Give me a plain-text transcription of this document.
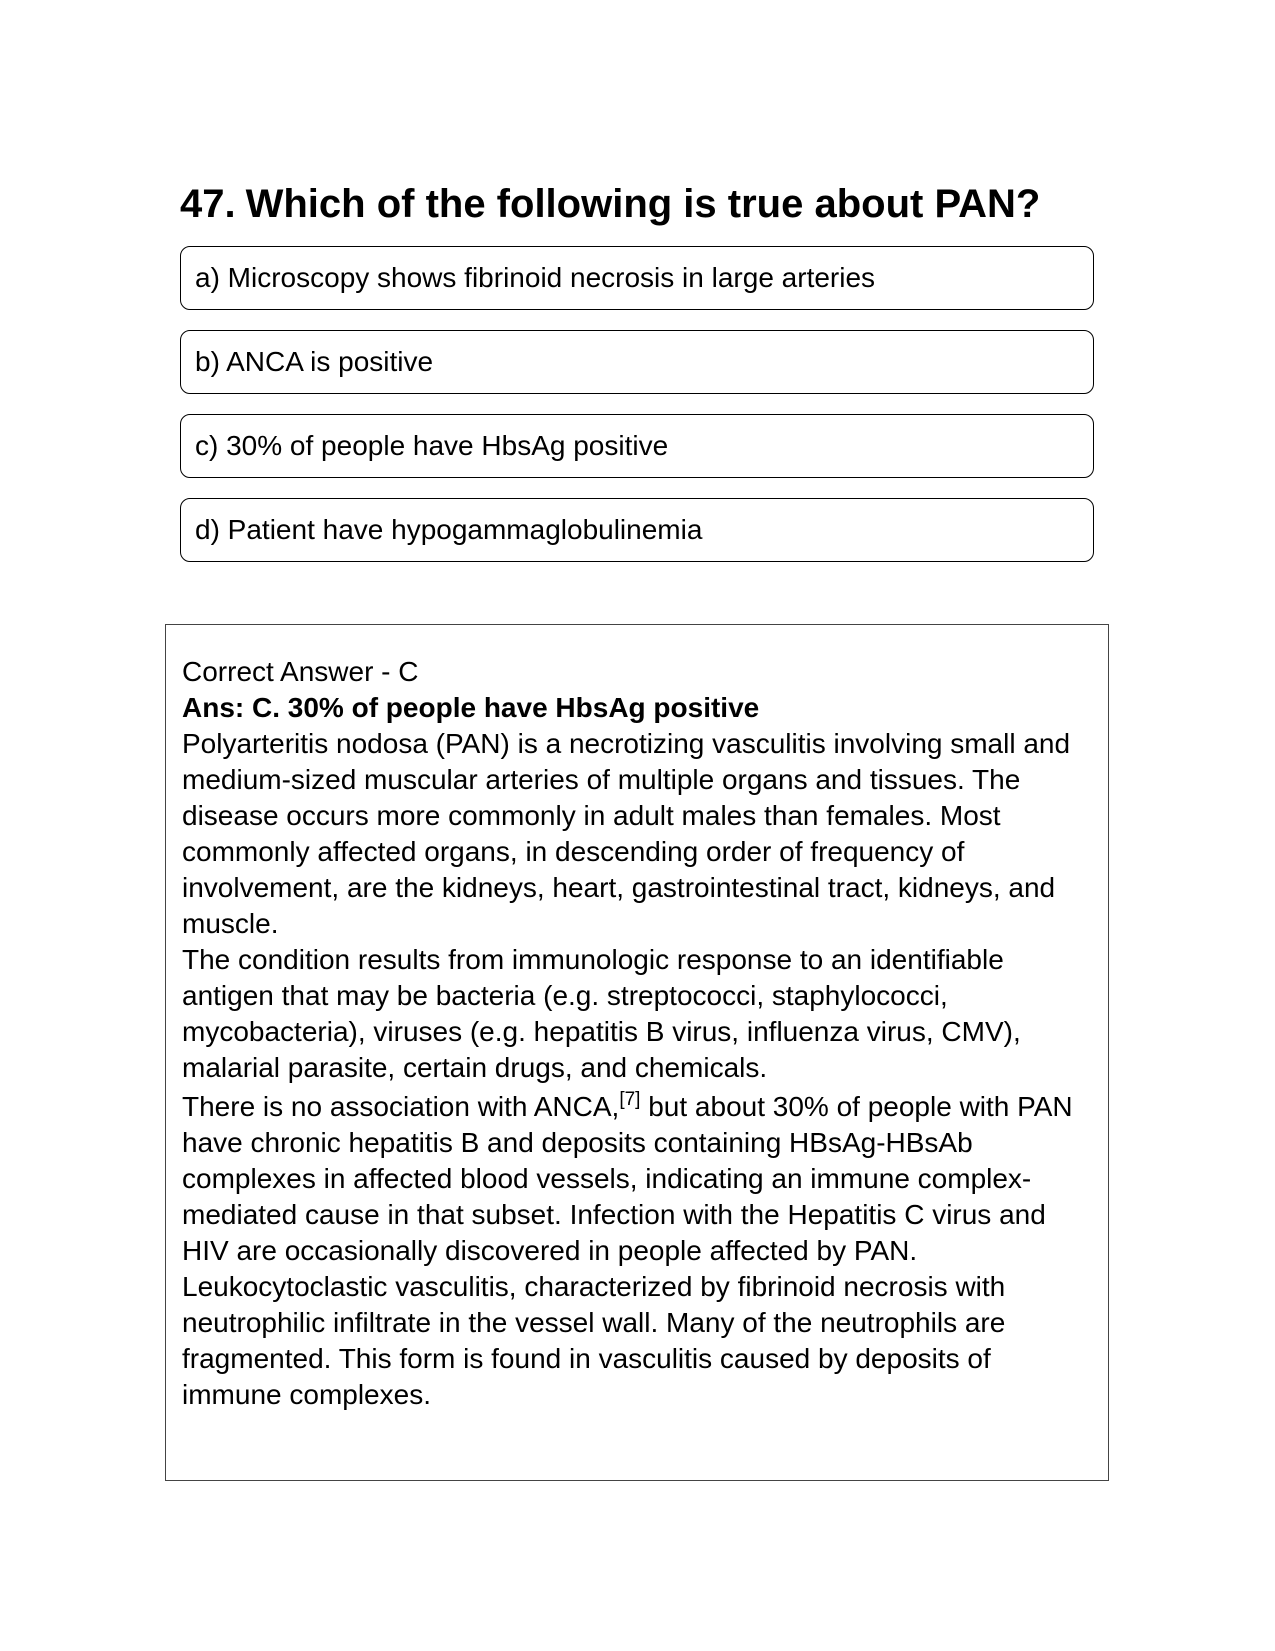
47. Which of the following is true about PAN?
a) Microscopy shows fibrinoid necrosis in large arteries
b) ANCA is positive
c) 30% of people have HbsAg positive
d) Patient have hypogammaglobulinemia

Correct Answer - C

Ans: C. 30% of people have HbsAg positive

Polyarteritis nodosa (PAN) is a necrotizing vasculitis involving small and medium-sized muscular arteries of multiple organs and tissues. The disease occurs more commonly in adult males than females. Most commonly affected organs, in descending order of frequency of involvement, are the kidneys, heart, gastrointestinal tract, kidneys, and muscle.

The condition results from immunologic response to an identifiable antigen that may be bacteria (e.g. streptococci, staphylococci, mycobacteria), viruses (e.g. hepatitis B virus, influenza virus, CMV), malarial parasite, certain drugs, and chemicals.

There is no association with ANCA,[7] but about 30% of people with PAN have chronic hepatitis B and deposits containing HBsAg-HBsAb complexes in affected blood vessels, indicating an immune complex-mediated cause in that subset. Infection with the Hepatitis C virus and HIV are occasionally discovered in people affected by PAN.

Leukocytoclastic vasculitis, characterized by fibrinoid necrosis with neutrophilic infiltrate in the vessel wall. Many of the neutrophils are fragmented. This form is found in vasculitis caused by deposits of immune complexes.
